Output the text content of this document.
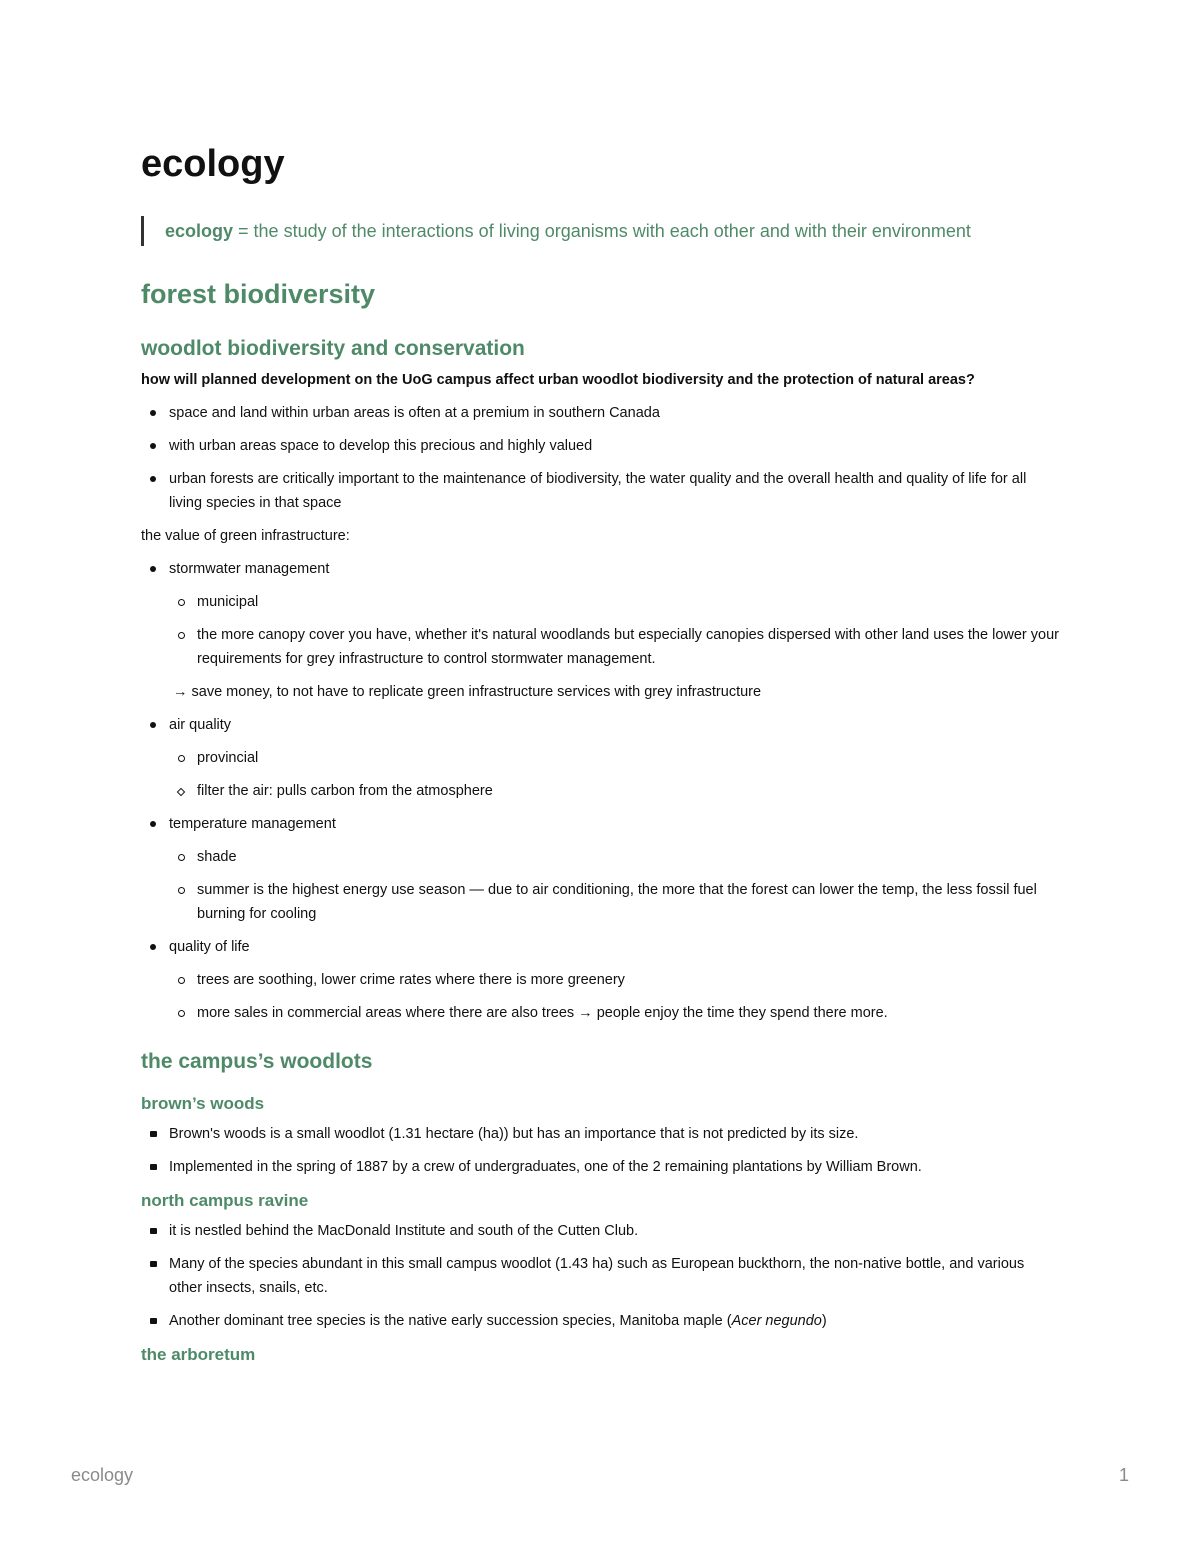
ecology
ecology = the study of the interactions of living organisms with each other and with their environment
forest biodiversity
woodlot biodiversity and conservation

how will planned development on the UoG campus affect urban woodlot biodiversity and the protection of natural areas?

space and land within urban areas is often at a premium in southern Canada
with urban areas space to develop this precious and highly valued
urban forests are critically important to the maintenance of biodiversity, the water quality and the overall health and quality of life for all living species in that space

the value of green infrastructure:

stormwater management
municipal
the more canopy cover you have, whether it's natural woodlands but especially canopies dispersed with other land uses the lower your requirements for grey infrastructure to control stormwater management.

→ save money, to not have to replicate green infrastructure services with grey infrastructure

air quality
provincial
filter the air: pulls carbon from the atmosphere
temperature management
shade
summer is the highest energy use season — due to air conditioning, the more that the forest can lower the temp, the less fossil fuel burning for cooling
quality of life
trees are soothing, lower crime rates where there is more greenery
more sales in commercial areas where there are also trees → people enjoy the time they spend there more.
the campus’s woodlots
brown’s woods
Brown's woods is a small woodlot (1.31 hectare (ha)) but has an importance that is not predicted by its size.
Implemented in the spring of 1887 by a crew of undergraduates, one of the 2 remaining plantations by William Brown.
north campus ravine
it is nestled behind the MacDonald Institute and south of the Cutten Club.
Many of the species abundant in this small campus woodlot (1.43 ha) such as European buckthorn, the non-native bottle, and various other insects, snails, etc.
Another dominant tree species is the native early succession species, Manitoba maple (Acer negundo)
the arboretum
ecology	1
